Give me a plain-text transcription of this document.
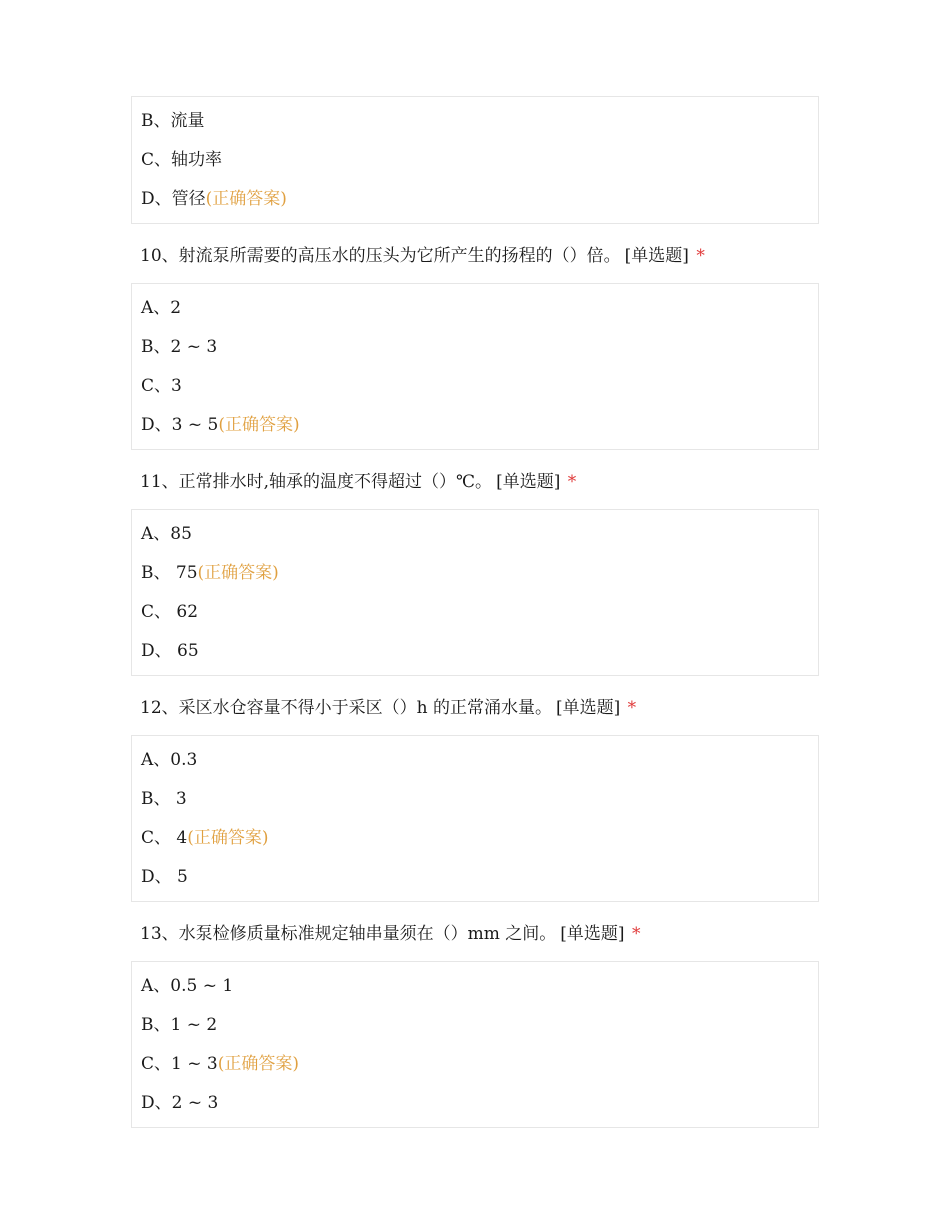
B、流量
C、轴功率
D、管径(正确答案)
10、射流泵所需要的高压水的压头为它所产生的扬程的（）倍。 [单选题] *
A、2
B、2 ~ 3
C、3
D、3 ~ 5(正确答案)
11、正常排水时,轴承的温度不得超过（）℃。 [单选题] *
A、85
B、 75(正确答案)
C、 62
D、 65
12、采区水仓容量不得小于采区（）h 的正常涌水量。 [单选题] *
A、0.3
B、 3
C、 4(正确答案)
D、 5
13、水泵检修质量标准规定轴串量须在（）mm 之间。 [单选题] *
A、0.5 ~ 1
B、1 ~ 2
C、1 ~ 3(正确答案)
D、2 ~ 3
